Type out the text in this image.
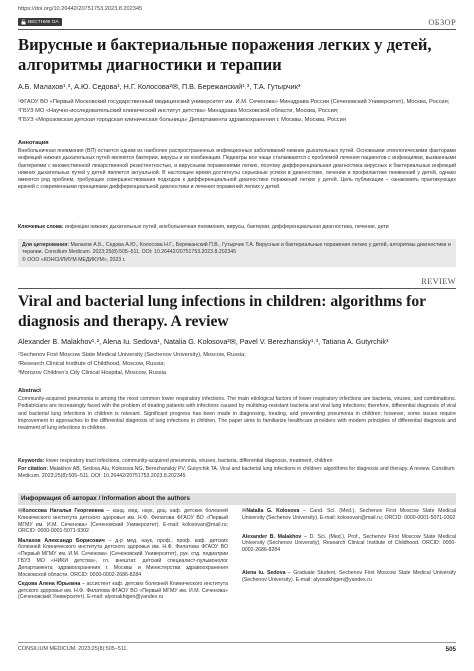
https://doi.org/10.26442/20751753.2023.8.202345
ВЕСТНИК OA	ОБЗОР
Вирусные и бактериальные поражения легких у детей, алгоритмы диагностики и терапии
А.Б. Малахов¹˒², А.Ю. Седова¹, Н.Г. Колосова²✉, П.В. Бережанский¹˒³, Т.А. Гутырчик³
¹ФГАОУ ВО «Первый Московский государственный медицинский университет им. И.М. Сеченова» Минздрава России (Сеченовский Университет), Москва, Россия;
²ГБУЗ МО «Научно-исследовательский клинический институт детства» Минздрава Московской области, Москва, Россия;
³ГБУЗ «Морозовская детская городская клиническая больница» Департамента здравоохранения г. Москвы, Москва, Россия
Аннотация
Внебольничная пневмония (ВП) остается одним из наиболее распространенных инфекционных заболеваний нижних дыхательных путей. Основными этиологическими факторами инфекций нижних дыхательных путей являются бактерии, вирусы и их комбинации. Педиатры все чаще сталкиваются с проблемой лечения пациентов с инфекциями, вызванными бактериями с множественной лекарственной резистентностью, и вирусными поражениями легких, поэтому дифференциальная диагностика вирусных и бактериальных инфекций нижних дыхательных путей у детей является актуальной. В настоящее время достигнуты серьезные успехи в диагностике, лечении и профилактике пневмоний у детей, однако имеются ряд проблем, требующих совершенствования подходов к дифференциальной диагностике поражений легких у детей. Цель публикации – ознакомить практикующих врачей с современными принципами дифференциальной диагностики и лечения поражений легких у детей.
Ключевые слова: инфекции нижних дыхательных путей, внебольничная пневмония, вирусы, бактерии, дифференциальная диагностика, лечение, дети
Для цитирования: Малахов А.Б., Седова А.Ю., Колосова Н.Г., Бережанский П.В., Гутырчик Т.А. Вирусные и бактериальные поражения легких у детей, алгоритмы диагностики и терапии. Consilium Medicum. 2023;25(8):505–511. DOI: 10.26442/20751753.2023.8.202345
© ООО «КОНСИЛИУМ МЕДИКУМ», 2023 г.
REVIEW
Viral and bacterial lung infections in children: algorithms for diagnosis and therapy. A review
Alexander B. Malakhov¹˒², Alena Iu. Sedova¹, Natalia G. Kolosova²✉, Pavel V. Berezhanskiy¹˒³, Tatiana A. Gutyrchik³
¹Sechenov First Moscow State Medical University (Sechenov University), Moscow, Russia;
²Research Clinical Institute of Childhood, Moscow, Russia;
³Morozov Children's City Clinical Hospital, Moscow, Russia
Abstract
Community-acquired pneumonia is among the most common lower respiratory infections. The main etiological factors of lower respiratory infections are bacteria, viruses, and combinations. Pediatricians are increasingly faced with the problem of treating patients with infections caused by multidrug-resistant bacteria and viral lung infections; therefore, differential diagnosis of viral and bacterial lung infections in children is relevant. Significant progress has been made in diagnosing, treating, and preventing pneumonia in children; however, some issues require improvement in approaches to the differential diagnosis of lung infections in children. The paper aims to familiarize healthcare providers with modern principles of differential diagnosis and treatment of lung infections in children.
Keywords: lower respiratory tract infections, community-acquired pneumonia, viruses, bacteria, differential diagnosis, treatment, children
For citation: Malakhov AB, Sedova AIu, Kolosova NG, Berezhanskiy PV, Gutyrchik TA. Viral and bacterial lung infections in children: algorithms for diagnosis and therapy. A review. Consilium Medicum. 2023;25(8):505–511. DOI: 10.26442/20751753.2023.8.202345
Информация об авторах / Information about the authors
✉Колосова Наталья Георгиевна – канд. мед. наук, доц. каф. детских болезней Клинического института детского здоровья им. Н.Ф. Филатова ФГАОУ ВО «Первый МГМУ им. И.М. Сеченова» (Сеченовский Университет). E-mail: kolosovan@mail.ru; ORCID: 0000-0001-5071-9302
Малахов Александр Борисович – д-р мед. наук, проф., проф. каф. детских болезней Клинического института детского здоровья им. Н.Ф. Филатова ФГАОУ ВО «Первый МГМУ им. И.М. Сеченова» (Сеченовский Университет), рук. отд. педиатрии ГБУЗ МО «НИКИ детства», гл. внештат. детский специалист-пульмонолог Департамента здравоохранения г. Москвы и Министерства здравоохранения Московской области. ORCID: 0000-0002-2686-8284
Седова Алена Юрьевна – ассистент каф. детских болезней Клинического института детского здоровья им. Н.Ф. Филатова ФГАОУ ВО «Первый МГМУ им. И.М. Сеченова» (Сеченовский Университет). E-mail: alyonakhigen@yandex.ru
✉Natalia G. Kolosova – Cand. Sci. (Med.), Sechenov First Moscow State Medical University (Sechenov University). E-mail: kolosovan@mail.ru; ORCID: 0000-0001-5071-9302
Alexander B. Malakhov – D. Sci. (Med.), Prof., Sechenov First Moscow State Medical University (Sechenov University), Research Clinical Institute of Childhood. ORCID: 0000-0002-2686-8284
Alena Iu. Sedova – Graduate Student, Sechenov First Moscow State Medical University (Sechenov University). E-mail: alyonakhigen@yandex.ru
CONSILIUM MEDICUM. 2023;25(8):505–511.	505
